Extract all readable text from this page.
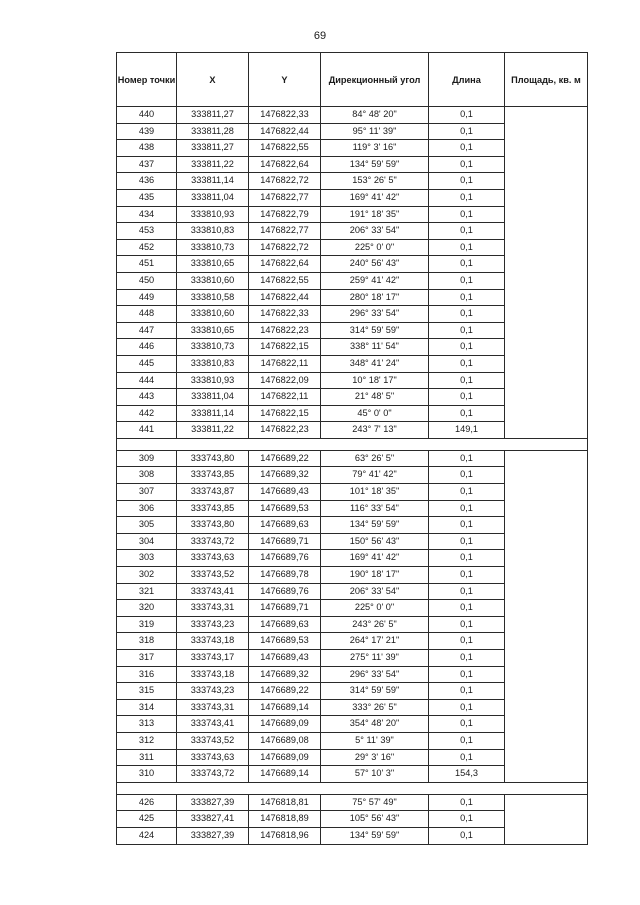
69
Номер точки	X	Y	Дирекционный угол	Длина	Площадь, кв. м
440	333811,27	1476822,33	84° 48' 20"	0,1	
439	333811,28	1476822,44	95° 11' 39"	0,1	
438	333811,27	1476822,55	119° 3' 16"	0,1	
437	333811,22	1476822,64	134° 59' 59"	0,1	
436	333811,14	1476822,72	153° 26' 5"	0,1	
435	333811,04	1476822,77	169° 41' 42"	0,1	
434	333810,93	1476822,79	191° 18' 35"	0,1	
453	333810,83	1476822,77	206° 33' 54"	0,1	
452	333810,73	1476822,72	225° 0' 0"	0,1	
451	333810,65	1476822,64	240° 56' 43"	0,1	
450	333810,60	1476822,55	259° 41' 42"	0,1	
449	333810,58	1476822,44	280° 18' 17"	0,1	
448	333810,60	1476822,33	296° 33' 54"	0,1	
447	333810,65	1476822,23	314° 59' 59"	0,1	
446	333810,73	1476822,15	338° 11' 54"	0,1	
445	333810,83	1476822,11	348° 41' 24"	0,1	
444	333810,93	1476822,09	10° 18' 17"	0,1	
443	333811,04	1476822,11	21° 48' 5"	0,1	
442	333811,14	1476822,15	45° 0' 0"	0,1	
441	333811,22	1476822,23	243° 7' 13"	149,1	

309	333743,80	1476689,22	63° 26' 5"	0,1	
308	333743,85	1476689,32	79° 41' 42"	0,1	
307	333743,87	1476689,43	101° 18' 35"	0,1	
306	333743,85	1476689,53	116° 33' 54"	0,1	
305	333743,80	1476689,63	134° 59' 59"	0,1	
304	333743,72	1476689,71	150° 56' 43"	0,1	
303	333743,63	1476689,76	169° 41' 42"	0,1	
302	333743,52	1476689,78	190° 18' 17"	0,1	
321	333743,41	1476689,76	206° 33' 54"	0,1	
320	333743,31	1476689,71	225° 0' 0"	0,1	
319	333743,23	1476689,63	243° 26' 5"	0,1	
318	333743,18	1476689,53	264° 17' 21"	0,1	
317	333743,17	1476689,43	275° 11' 39"	0,1	
316	333743,18	1476689,32	296° 33' 54"	0,1	
315	333743,23	1476689,22	314° 59' 59"	0,1	
314	333743,31	1476689,14	333° 26' 5"	0,1	
313	333743,41	1476689,09	354° 48' 20"	0,1	
312	333743,52	1476689,08	5° 11' 39"	0,1	
311	333743,63	1476689,09	29° 3' 16"	0,1	
310	333743,72	1476689,14	57° 10' 3"	154,3	

426	333827,39	1476818,81	75° 57' 49"	0,1	
425	333827,41	1476818,89	105° 56' 43"	0,1	
424	333827,39	1476818,96	134° 59' 59"	0,1	
